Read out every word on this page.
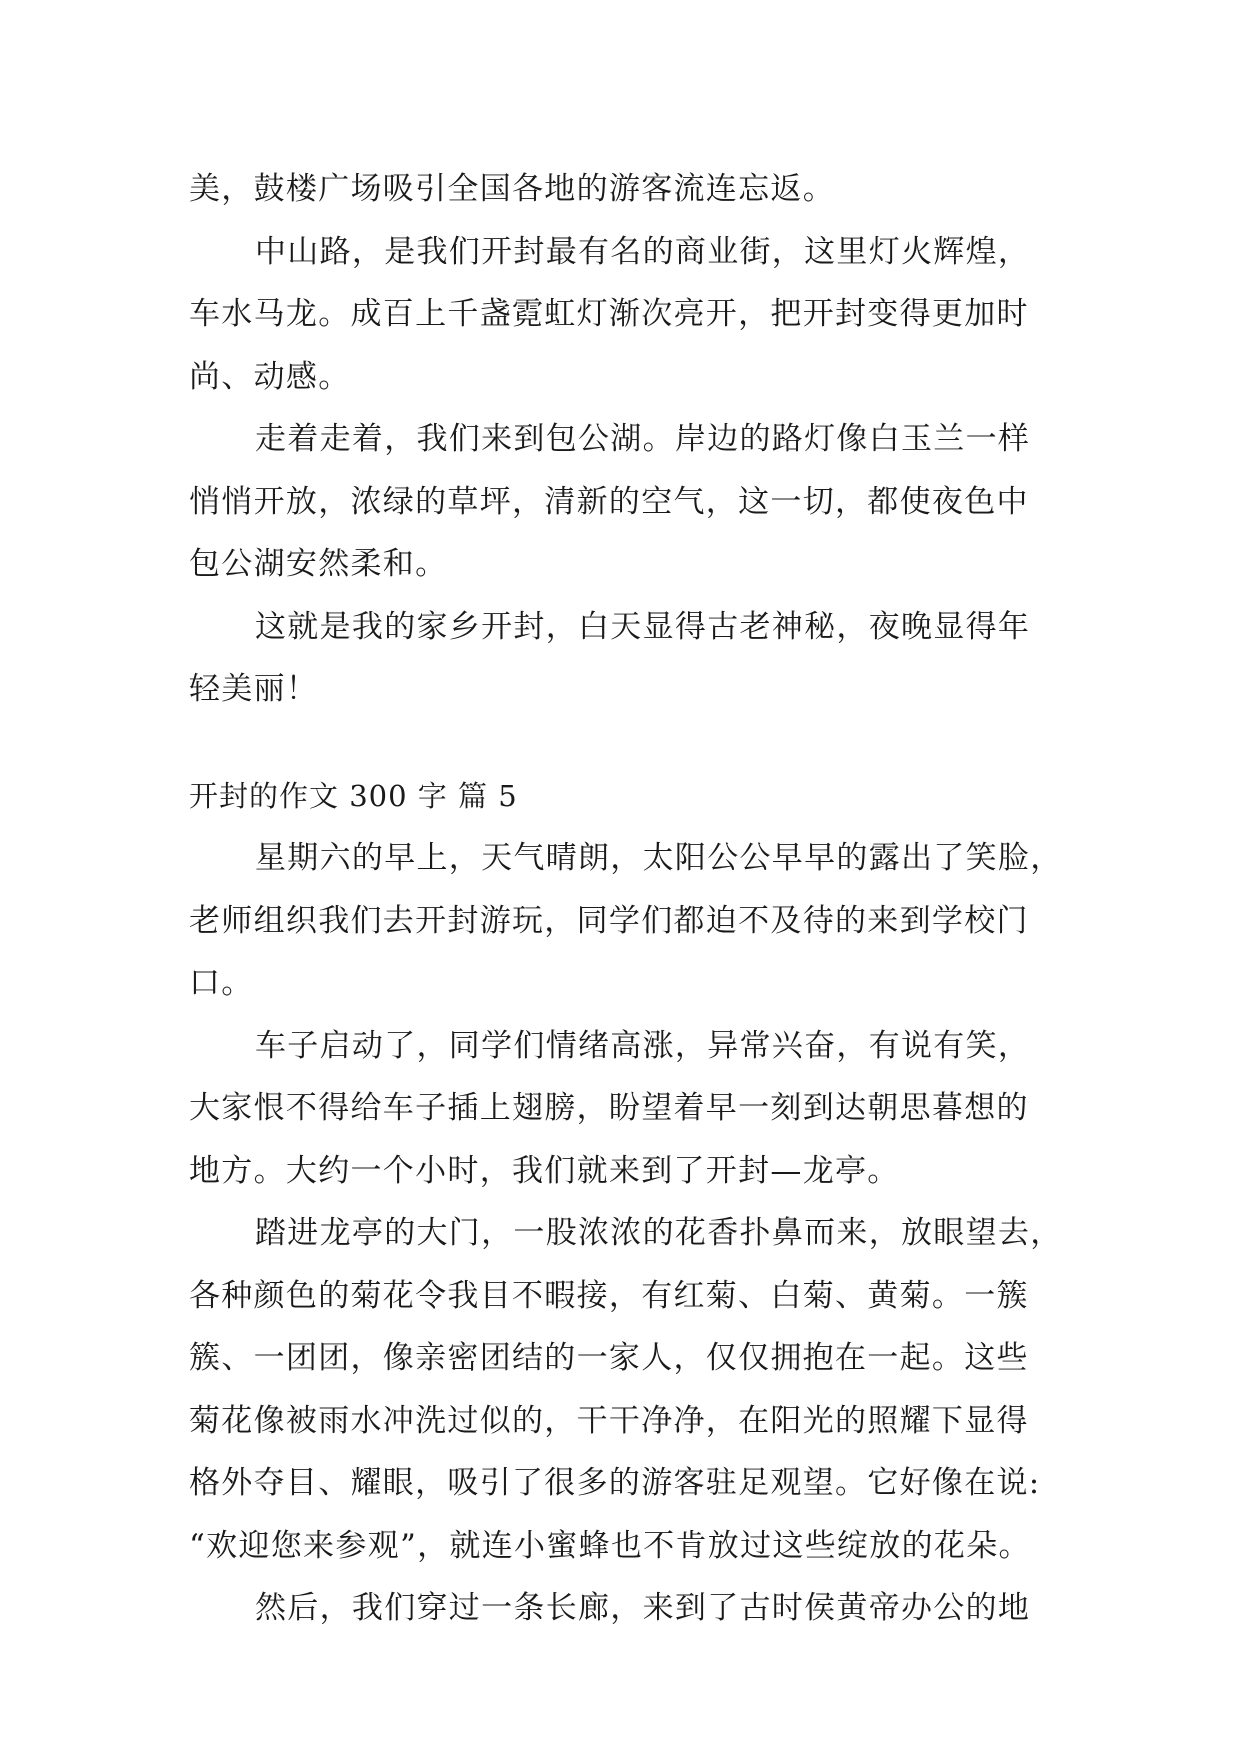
美，鼓楼广场吸引全国各地的游客流连忘返。
中山路，是我们开封最有名的商业街，这里灯火辉煌，
车水马龙。成百上千盏霓虹灯渐次亮开，把开封变得更加时
尚、动感。
走着走着，我们来到包公湖。岸边的路灯像白玉兰一样
悄悄开放，浓绿的草坪，清新的空气，这一切，都使夜色中
包公湖安然柔和。
这就是我的家乡开封，白天显得古老神秘，夜晚显得年
轻美丽！
开封的作文 300 字 篇 5
星期六的早上，天气晴朗，太阳公公早早的露出了笑脸，
老师组织我们去开封游玩，同学们都迫不及待的来到学校门
口。
车子启动了，同学们情绪高涨，异常兴奋，有说有笑，
大家恨不得给车子插上翅膀，盼望着早一刻到达朝思暮想的
地方。大约一个小时，我们就来到了开封—龙亭。
踏进龙亭的大门，一股浓浓的花香扑鼻而来，放眼望去，
各种颜色的菊花令我目不暇接，有红菊、白菊、黄菊。一簇
簇、一团团，像亲密团结的一家人，仅仅拥抱在一起。这些
菊花像被雨水冲洗过似的，干干净净，在阳光的照耀下显得
格外夺目、耀眼，吸引了很多的游客驻足观望。它好像在说:
“欢迎您来参观”，就连小蜜蜂也不肯放过这些绽放的花朵。
然后，我们穿过一条长廊，来到了古时侯黄帝办公的地
